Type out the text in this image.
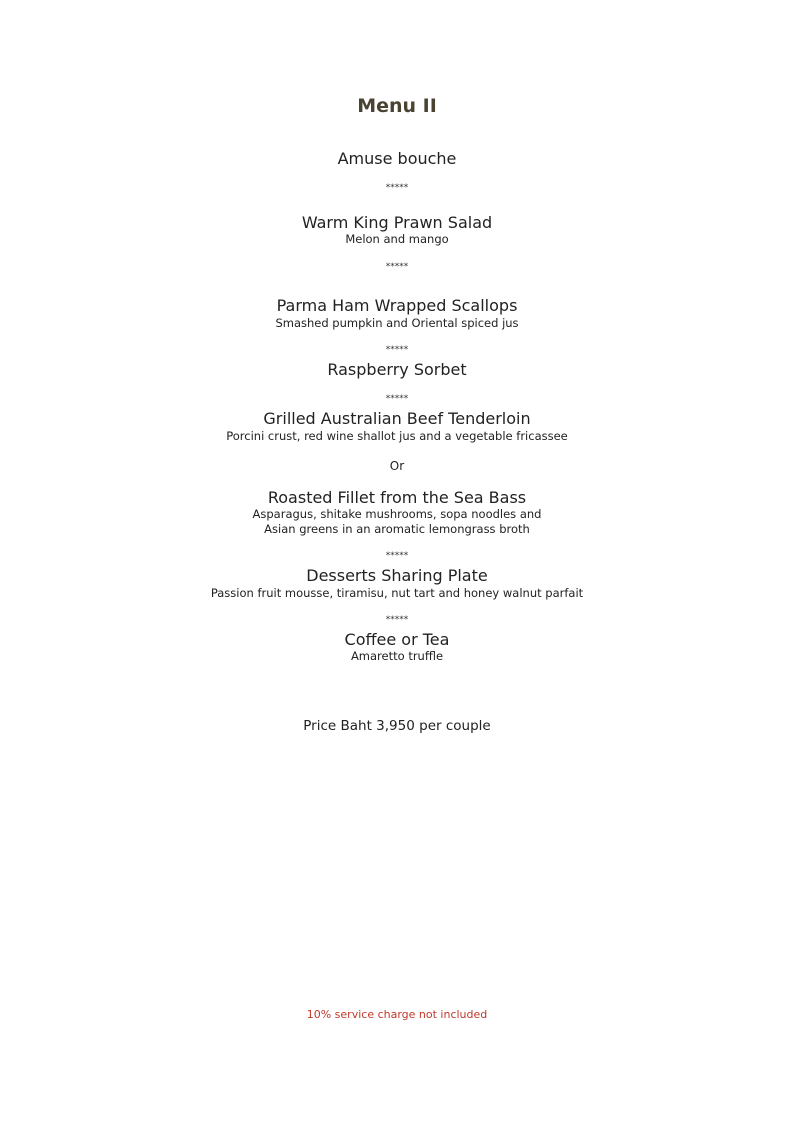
Menu II
Amuse bouche
*****
Warm King Prawn Salad
Melon and mango
*****
Parma Ham Wrapped Scallops
Smashed pumpkin and Oriental spiced jus
*****
Raspberry Sorbet
*****
Grilled Australian Beef Tenderloin
Porcini crust, red wine shallot jus and a vegetable fricassee
Or
Roasted Fillet from the Sea Bass
Asparagus, shitake mushrooms, sopa noodles and
Asian greens in an aromatic lemongrass broth
*****
Desserts Sharing Plate
Passion fruit mousse, tiramisu, nut tart and honey walnut parfait
*****
Coffee or Tea
Amaretto truffle
Price Baht 3,950 per couple
10% service charge not included
